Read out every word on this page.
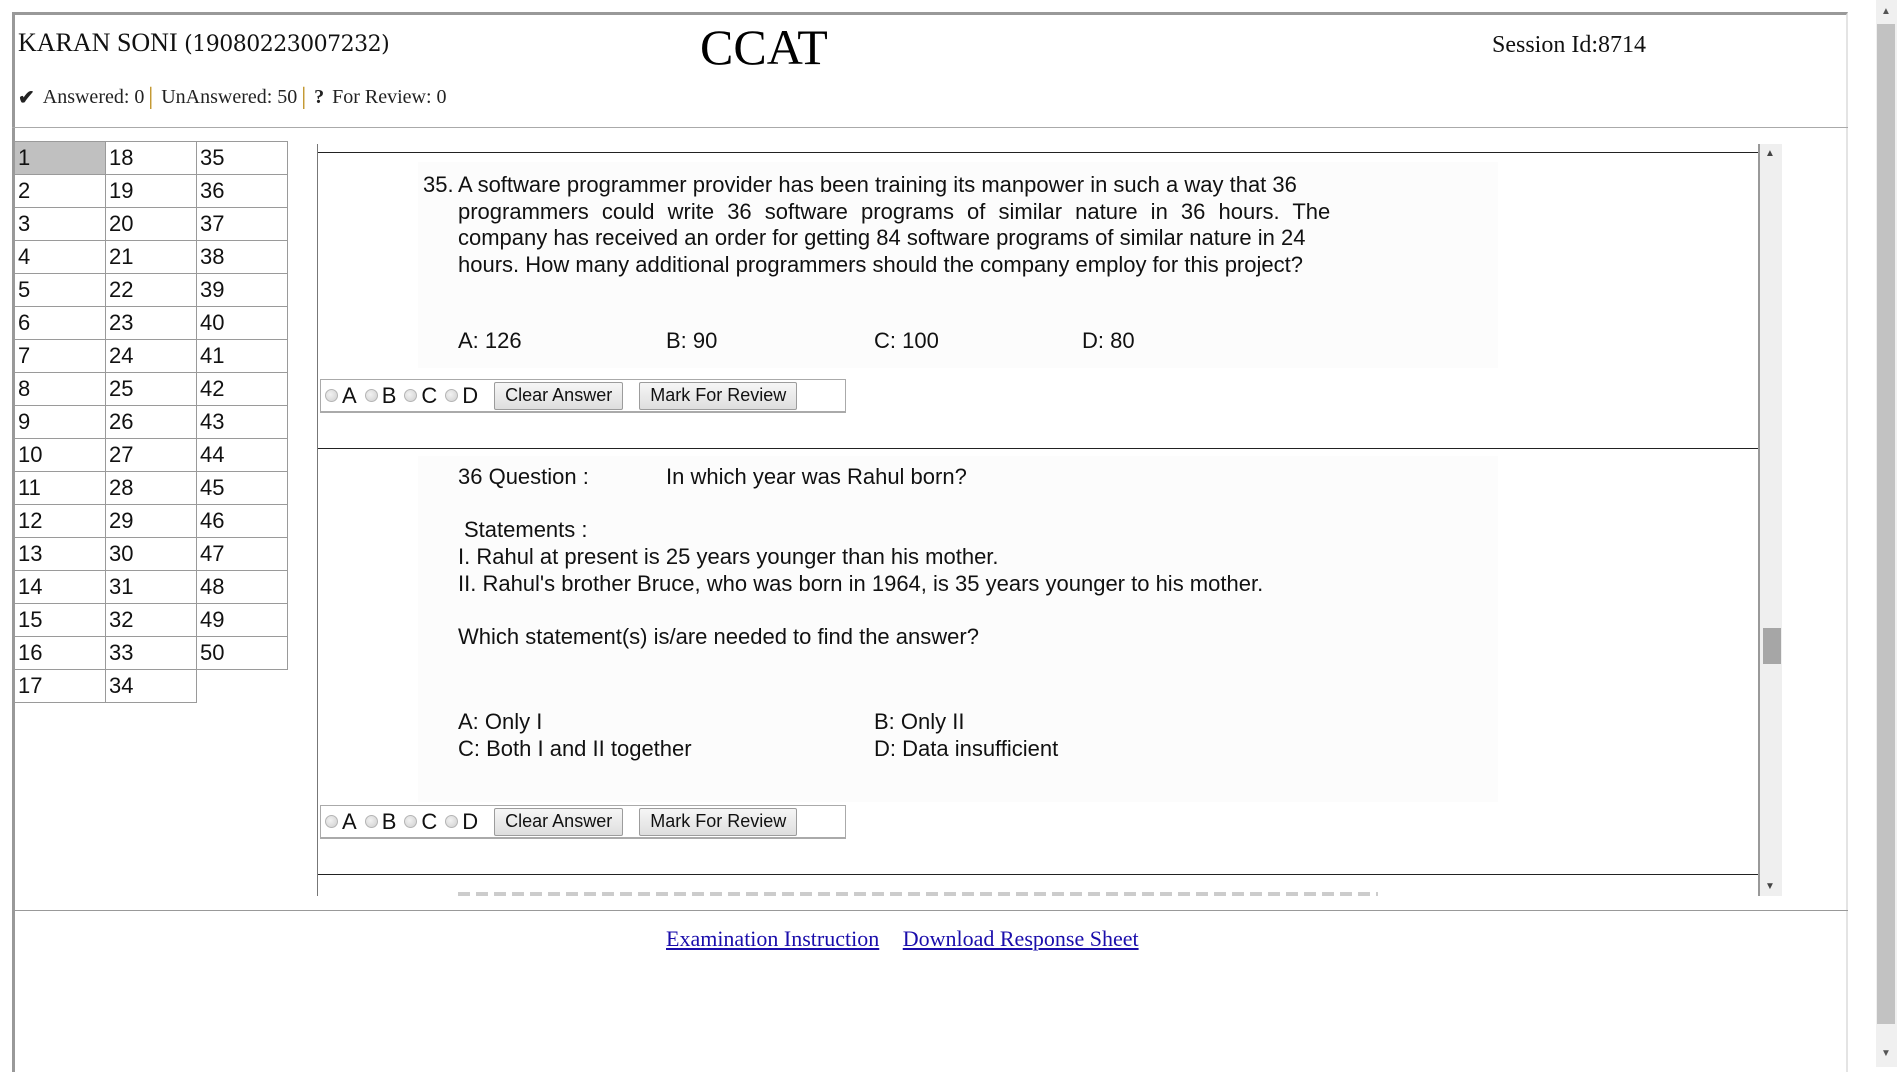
KARAN SONI (19080223007232)	CCAT	Session Id:8714
✔ Answered: 0 | UnAnswered: 50 | ? For Review: 0
1	18	35
2	19	36
3	20	37
4	21	38
5	22	39
6	23	40
7	24	41
8	25	42
9	26	43
10	27	44
11	28	45
12	29	46
13	30	47
14	31	48
15	32	49
16	33	50
17	34	
35. A software programmer provider has been training its manpower in such a way that 36
programmers could write 36 software programs of similar nature in 36 hours. The
company has received an order for getting 84 software programs of similar nature in 24
hours. How many additional programmers should the company employ for this project?
A: 126	B: 90	C: 100	D: 80
A B C D	Clear Answer	Mark For Review
36 Question :	In which year was Rahul born?
Statements :
I. Rahul at present is 25 years younger than his mother.
II. Rahul's brother Bruce, who was born in 1964, is 35 years younger to his mother.
Which statement(s) is/are needed to find the answer?
A: Only I	B: Only II
C: Both I and II together	D: Data insufficient
A B C D	Clear Answer	Mark For Review
▲
▼
Examination Instruction Download Response Sheet
▲
▼
